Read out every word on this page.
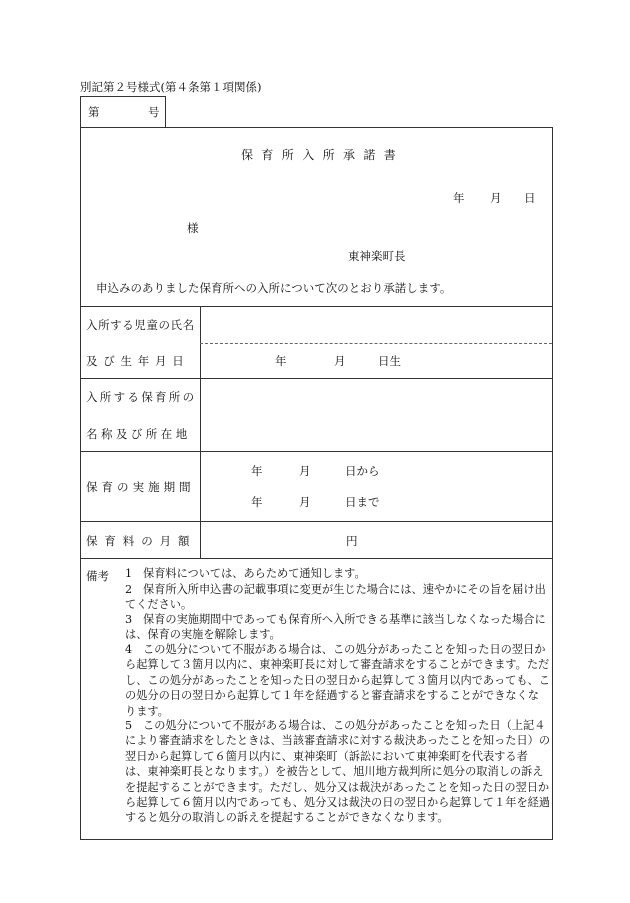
別記第２号様式(第４条第１項関係)
第	号
保育所入所承諾書
年 月 日
様
東神楽町長
申込みのありました保育所への入所について次のとおり承諾します。
入所する児童の氏名
及び生年月日	年	月	日生
入所する保育所の
名称及び所在地
保育の実施期間
年	月	日から
年	月	日まで
保育料の月額	円
備考 1 保育料については、あらためて通知します。
2 保育所入所申込書の記載事項に変更が生じた場合には、速やかにその旨を届け出てください。
3 保育の実施期間中であっても保育所へ入所できる基準に該当しなくなった場合には、保育の実施を解除します。
4 この処分について不服がある場合は、この処分があったことを知った日の翌日から起算して３箇月以内に、東神楽町長に対して審査請求をすることができます。ただし、この処分があったことを知った日の翌日から起算して３箇月以内であっても、この処分の日の翌日から起算して１年を経過すると審査請求をすることができなくなります。
5 この処分について不服がある場合は、この処分があったことを知った日（上記４により審査請求をしたときは、当該審査請求に対する裁決あったことを知った日）の翌日から起算して６箇月以内に、東神楽町（訴訟において東神楽町を代表する者は、東神楽町長となります。）を被告として、旭川地方裁判所に処分の取消しの訴えを提起することができます。ただし、処分又は裁決があったことを知った日の翌日から起算して６箇月以内であっても、処分又は裁決の日の翌日から起算して１年を経過すると処分の取消しの訴えを提起することができなくなります。
